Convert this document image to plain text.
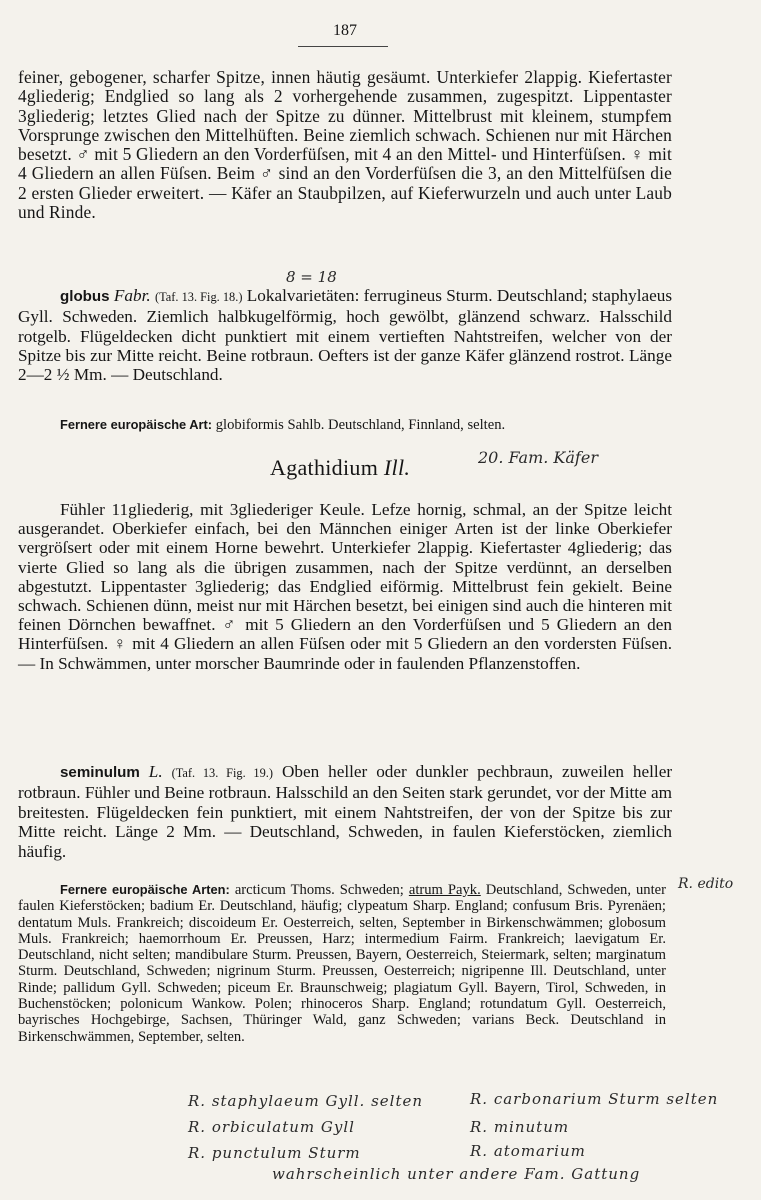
187

feiner, gebogener, scharfer Spitze, innen häutig gesäumt. Unterkiefer 2lappig. Kiefertaster 4gliederig; Endglied so lang als 2 vorhergehende zusammen, zugespitzt. Lippentaster 3gliederig; letztes Glied nach der Spitze zu dünner. Mittelbrust mit kleinem, stumpfem Vorsprunge zwischen den Mittelhüften. Beine ziemlich schwach. Schienen nur mit Härchen besetzt. ♂ mit 5 Gliedern an den Vorderfüſsen, mit 4 an den Mittel- und Hinterfüſsen. ♀ mit 4 Gliedern an allen Füſsen. Beim ♂ sind an den Vorderfüſsen die 3, an den Mittelfüſsen die 2 ersten Glieder erweitert. — Käfer an Staubpilzen, auf Kieferwurzeln und auch unter Laub und Rinde.

8 = 18

globus Fabr. (Taf. 13. Fig. 18.) Lokalvarietäten: ferrugineus Sturm. Deutschland; staphylaeus Gyll. Schweden. Ziemlich halbkugelförmig, hoch gewölbt, glänzend schwarz. Halsschild rotgelb. Flügeldecken dicht punktiert mit einem vertieften Nahtstreifen, welcher von der Spitze bis zur Mitte reicht. Beine rotbraun. Oefters ist der ganze Käfer glänzend rostrot. Länge 2—2 ½ Mm. — Deutschland.

Fernere europäische Art: globiformis Sahlb. Deutschland, Finnland, selten.

Agathidium Ill.	20. Fam. Käfer

Fühler 11gliederig, mit 3gliederiger Keule. Lefze hornig, schmal, an der Spitze leicht ausgerandet. Oberkiefer einfach, bei den Männchen einiger Arten ist der linke Oberkiefer vergröſsert oder mit einem Horne bewehrt. Unterkiefer 2lappig. Kiefertaster 4gliederig; das vierte Glied so lang als die übrigen zusammen, nach der Spitze verdünnt, an derselben abgestutzt. Lippentaster 3gliederig; das Endglied eiförmig. Mittelbrust fein gekielt. Beine schwach. Schienen dünn, meist nur mit Härchen besetzt, bei einigen sind auch die hinteren mit feinen Dörnchen bewaffnet. ♂ mit 5 Gliedern an den Vorderfüſsen und 5 Gliedern an den Hinterfüſsen. ♀ mit 4 Gliedern an allen Füſsen oder mit 5 Gliedern an den vordersten Füſsen. — In Schwämmen, unter morscher Baumrinde oder in faulenden Pflanzenstoffen.

seminulum L. (Taf. 13. Fig. 19.) Oben heller oder dunkler pechbraun, zuweilen heller rotbraun. Fühler und Beine rotbraun. Halsschild an den Seiten stark gerundet, vor der Mitte am breitesten. Flügeldecken fein punktiert, mit einem Nahtstreifen, der von der Spitze bis zur Mitte reicht. Länge 2 Mm. — Deutschland, Schweden, in faulen Kieferstöcken, ziemlich häufig.

Fernere europäische Arten: arcticum Thoms. Schweden; atrum Payk. Deutschland, Schweden, unter faulen Kieferstöcken; badium Er. Deutschland, häufig; clypeatum Sharp. England; confusum Bris. Pyrenäen; dentatum Muls. Frankreich; discoideum Er. Oesterreich, selten, September in Birkenschwämmen; globosum Muls. Frankreich; haemorrhoum Er. Preussen, Harz; intermedium Fairm. Frankreich; laevigatum Er. Deutschland, nicht selten; mandibulare Sturm. Preussen, Bayern, Oesterreich, Steiermark, selten; marginatum Sturm. Deutschland, Schweden; nigrinum Sturm. Preussen, Oesterreich; nigripenne Ill. Deutschland, unter Rinde; pallidum Gyll. Schweden; piceum Er. Braunschweig; plagiatum Gyll. Bayern, Tirol, Schweden, in Buchenstöcken; polonicum Wankow. Polen; rhinoceros Sharp. England; rotundatum Gyll. Oesterreich, bayrisches Hochgebirge, Sachsen, Thüringer Wald, ganz Schweden; varians Beck. Deutschland in Birkenschwämmen, September, selten.

R. edito
R. staphylaeum Gyll. selten
R. orbiculatum Gyll
R. punctulum Sturm
R. carbonarium Sturm selten
R. minutum
R. atomarium
wahrscheinlich unter andere Fam. Gattung
